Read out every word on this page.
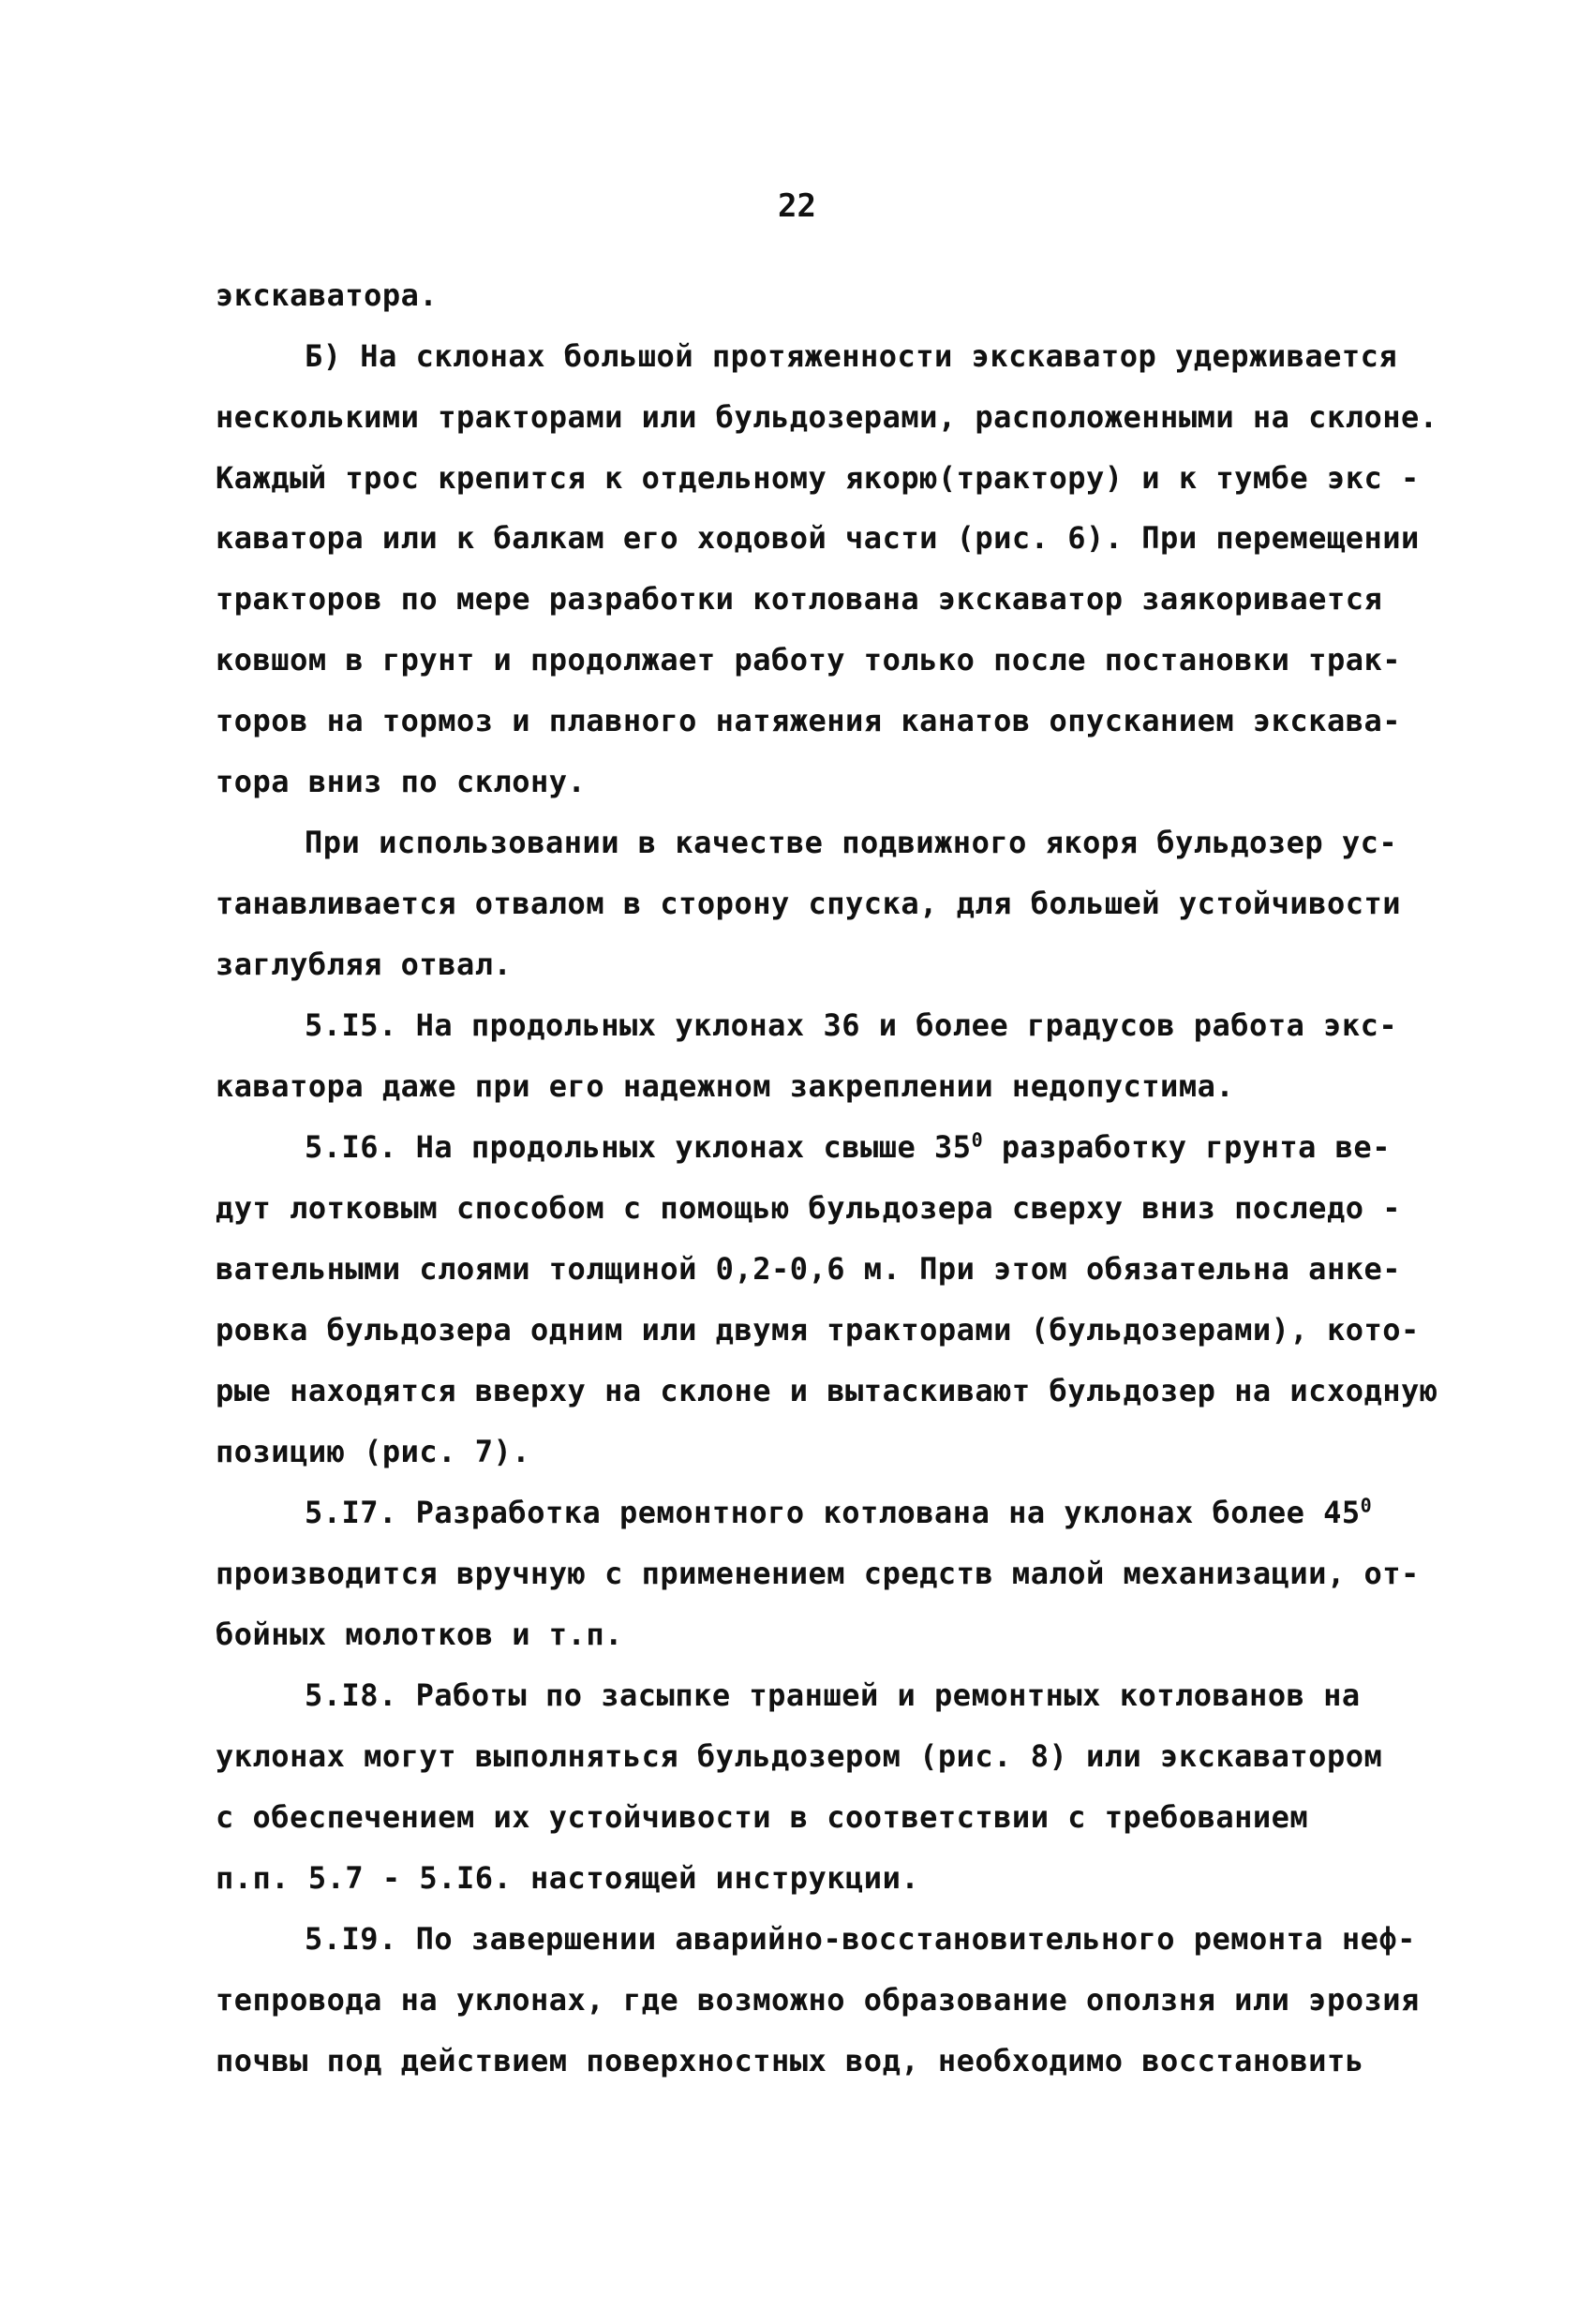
22
экскаватора.
Б) На склонах большой протяженности экскаватор удерживается
несколькими тракторами или бульдозерами, расположенными на склоне.
Каждый трос крепится к отдельному якорю(трактору) и к тумбе экс -
каватора или к балкам его ходовой части (рис. 6). При перемещении
тракторов по мере разработки котлована экскаватор заякоривается
ковшом в грунт и продолжает работу только после постановки трак-
торов на тормоз и плавного натяжения канатов опусканием экскава-
тора вниз по склону.
При использовании в качестве подвижного якоря бульдозер ус-
танавливается отвалом в сторону спуска, для большей устойчивости
заглубляя отвал.
5.I5. На продольных уклонах 36 и более градусов работа экс-
каватора даже при его надежном закреплении недопустима.
5.I6. На продольных уклонах свыше $35^0$ разработку грунта ве-
дут лотковым способом с помощью бульдозера сверху вниз последо -
вательными слоями толщиной 0,2-0,6 м. При этом обязательна анке-
ровка бульдозера одним или двумя тракторами (бульдозерами), кото-
рые находятся вверху на склоне и вытаскивают бульдозер на исходную
позицию (рис. 7).
5.I7. Разработка ремонтного котлована на уклонах более $45^0$
производится вручную с применением средств малой механизации, от-
бойных молотков и т.п.
5.I8. Работы по засыпке траншей и ремонтных котлованов на
уклонах могут выполняться бульдозером (рис. 8) или экскаватором
с обеспечением их устойчивости в соответствии с требованием
п.п. 5.7 - 5.I6. настоящей инструкции.
5.I9. По завершении аварийно-восстановительного ремонта неф-
тепровода на уклонах, где возможно образование оползня или эрозия
почвы под действием поверхностных вод, необходимо восстановить
